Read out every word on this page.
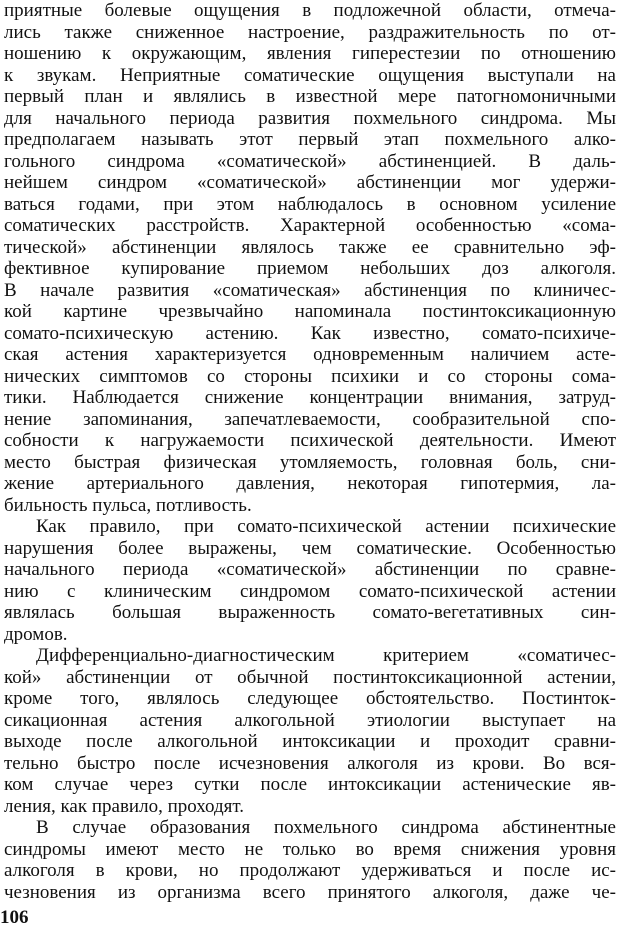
приятные болевые ощущения в подложечной области, отмеча-
лись также сниженное настроение, раздражительность по от-
ношению к окружающим, явления гиперестезии по отношению
к звукам. Неприятные соматические ощущения выступали на
первый план и являлись в известной мере патогномоничными
для начального периода развития похмельного синдрома. Мы
предполагаем называть этот первый этап похмельного алко-
гольного синдрома «соматической» абстиненцией. В даль-
нейшем синдром «соматической» абстиненции мог удержи-
ваться годами, при этом наблюдалось в основном усиление
соматических расстройств. Характерной особенностью «сома-
тической» абстиненции являлось также ее сравнительно эф-
фективное купирование приемом небольших доз алкоголя.
В начале развития «соматическая» абстиненция по клиничес-
кой картине чрезвычайно напоминала постинтоксикационную
сомато-психическую астению. Как известно, сомато-психиче-
ская астения характеризуется одновременным наличием асте-
нических симптомов со стороны психики и со стороны сома-
тики. Наблюдается снижение концентрации внимания, затруд-
нение запоминания, запечатлеваемости, сообразительной спо-
собности к нагружаемости психической деятельности. Имеют
место быстрая физическая утомляемость, головная боль, сни-
жение артериального давления, некоторая гипотермия, ла-
бильность пульса, потливость.
Как правило, при сомато-психической астении психические
нарушения более выражены, чем соматические. Особенностью
начального периода «соматической» абстиненции по сравне-
нию с клиническим синдромом сомато-психической астении
являлась большая выраженность сомато-вегетативных син-
дромов.
Дифференциально-диагностическим критерием «соматичес-
кой» абстиненции от обычной постинтоксикационной астении,
кроме того, являлось следующее обстоятельство. Постинток-
сикационная астения алкогольной этиологии выступает на
выходе после алкогольной интоксикации и проходит сравни-
тельно быстро после исчезновения алкоголя из крови. Во вся-
ком случае через сутки после интоксикации астенические яв-
ления, как правило, проходят.
В случае образования похмельного синдрома абстинентные
синдромы имеют место не только во время снижения уровня
алкоголя в крови, но продолжают удерживаться и после ис-
чезновения из организма всего принятого алкоголя, даже че-
106
